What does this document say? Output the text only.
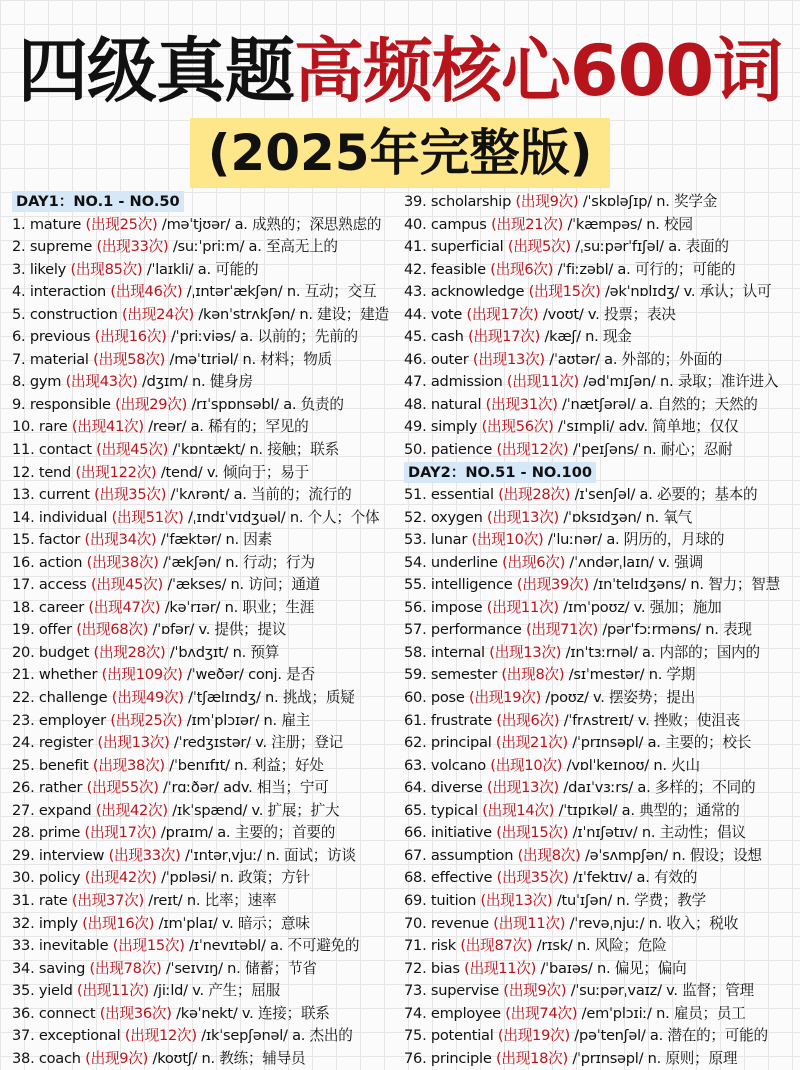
四级真题高频核心600词
(2025年完整版)
DAY1：NO.1 - NO.50
1. mature (出现25次) /məˈtjʊər/ a. 成熟的；深思熟虑的
2. supreme (出现33次) /suːˈpriːm/ a. 至高无上的
3. likely (出现85次) /ˈlaɪkli/ a. 可能的
4. interaction (出现46次) /ˌɪntərˈækʃən/ n. 互动；交互
5. construction (出现24次) /kənˈstrʌkʃən/ n. 建设；建造
6. previous (出现16次) /ˈpriːviəs/ a. 以前的；先前的
7. material (出现58次) /məˈtɪriəl/ n. 材料；物质
8. gym (出现43次) /dʒɪm/ n. 健身房
9. responsible (出现29次) /rɪˈspɒnsəbl/ a. 负责的
10. rare (出现41次) /reər/ a. 稀有的；罕见的
11. contact (出现45次) /ˈkɒntækt/ n. 接触；联系
12. tend (出现122次) /tend/ v. 倾向于；易于
13. current (出现35次) /ˈkʌrənt/ a. 当前的；流行的
14. individual (出现51次) /ˌɪndɪˈvɪdʒuəl/ n. 个人；个体
15. factor (出现34次) /ˈfæktər/ n. 因素
16. action (出现38次) /ˈækʃən/ n. 行动；行为
17. access (出现45次) /ˈækses/ n. 访问；通道
18. career (出现47次) /kəˈrɪər/ n. 职业；生涯
19. offer (出现68次) /ˈɒfər/ v. 提供；提议
20. budget (出现28次) /ˈbʌdʒɪt/ n. 预算
21. whether (出现109次) /ˈweðər/ conj. 是否
22. challenge (出现49次) /ˈtʃælɪndʒ/ n. 挑战；质疑
23. employer (出现25次) /ɪmˈplɔɪər/ n. 雇主
24. register (出现13次) /ˈredʒɪstər/ v. 注册；登记
25. benefit (出现38次) /ˈbenɪfɪt/ n. 利益；好处
26. rather (出现55次) /ˈrɑːðər/ adv. 相当；宁可
27. expand (出现42次) /ɪkˈspænd/ v. 扩展；扩大
28. prime (出现17次) /praɪm/ a. 主要的；首要的
29. interview (出现33次) /ˈɪntərˌvjuː/ n. 面试；访谈
30. policy (出现42次) /ˈpɒləsi/ n. 政策；方针
31. rate (出现37次) /reɪt/ n. 比率；速率
32. imply (出现16次) /ɪmˈplaɪ/ v. 暗示；意味
33. inevitable (出现15次) /ɪˈnevɪtəbl/ a. 不可避免的
34. saving (出现78次) /ˈseɪvɪŋ/ n. 储蓄；节省
35. yield (出现11次) /jiːld/ v. 产生；屈服
36. connect (出现36次) /kəˈnekt/ v. 连接；联系
37. exceptional (出现12次) /ɪkˈsepʃənəl/ a. 杰出的
38. coach (出现9次) /koʊtʃ/ n. 教练；辅导员
39. scholarship (出现9次) /ˈskɒləʃɪp/ n. 奖学金
40. campus (出现21次) /ˈkæmpəs/ n. 校园
41. superficial (出现5次) /ˌsuːpərˈfɪʃəl/ a. 表面的
42. feasible (出现6次) /ˈfiːzəbl/ a. 可行的；可能的
43. acknowledge (出现15次) /əkˈnɒlɪdʒ/ v. 承认；认可
44. vote (出现17次) /voʊt/ v. 投票；表决
45. cash (出现17次) /kæʃ/ n. 现金
46. outer (出现13次) /ˈaʊtər/ a. 外部的；外面的
47. admission (出现11次) /ədˈmɪʃən/ n. 录取；准许进入
48. natural (出现31次) /ˈnætʃərəl/ a. 自然的；天然的
49. simply (出现56次) /ˈsɪmpli/ adv. 简单地；仅仅
50. patience (出现12次) /ˈpeɪʃəns/ n. 耐心；忍耐
DAY2：NO.51 - NO.100
51. essential (出现28次) /ɪˈsenʃəl/ a. 必要的；基本的
52. oxygen (出现13次) /ˈɒksɪdʒən/ n. 氧气
53. lunar (出现10次) /ˈluːnər/ a. 阴历的，月球的
54. underline (出现6次) /ˈʌndərˌlaɪn/ v. 强调
55. intelligence (出现39次) /ɪnˈtelɪdʒəns/ n. 智力；智慧
56. impose (出现11次) /ɪmˈpoʊz/ v. 强加；施加
57. performance (出现71次) /pərˈfɔːrməns/ n. 表现
58. internal (出现13次) /ɪnˈtɜːrnəl/ a. 内部的；国内的
59. semester (出现8次) /sɪˈmestər/ n. 学期
60. pose (出现19次) /poʊz/ v. 摆姿势；提出
61. frustrate (出现6次) /ˈfrʌstreɪt/ v. 挫败；使沮丧
62. principal (出现21次) /ˈprɪnsəpl/ a. 主要的；校长
63. volcano (出现10次) /vɒlˈkeɪnoʊ/ n. 火山
64. diverse (出现13次) /daɪˈvɜːrs/ a. 多样的；不同的
65. typical (出现14次) /ˈtɪpɪkəl/ a. 典型的；通常的
66. initiative (出现15次) /ɪˈnɪʃətɪv/ n. 主动性；倡议
67. assumption (出现8次) /əˈsʌmpʃən/ n. 假设；设想
68. effective (出现35次) /ɪˈfektɪv/ a. 有效的
69. tuition (出现13次) /tuˈɪʃən/ n. 学费；教学
70. revenue (出现11次) /ˈrevəˌnjuː/ n. 收入；税收
71. risk (出现87次) /rɪsk/ n. 风险；危险
72. bias (出现11次) /ˈbaɪəs/ n. 偏见；偏向
73. supervise (出现9次) /ˈsuːpərˌvaɪz/ v. 监督；管理
74. employee (出现74次) /emˈplɔɪiː/ n. 雇员；员工
75. potential (出现19次) /pəˈtenʃəl/ a. 潜在的；可能的
76. principle (出现18次) /ˈprɪnsəpl/ n. 原则；原理
